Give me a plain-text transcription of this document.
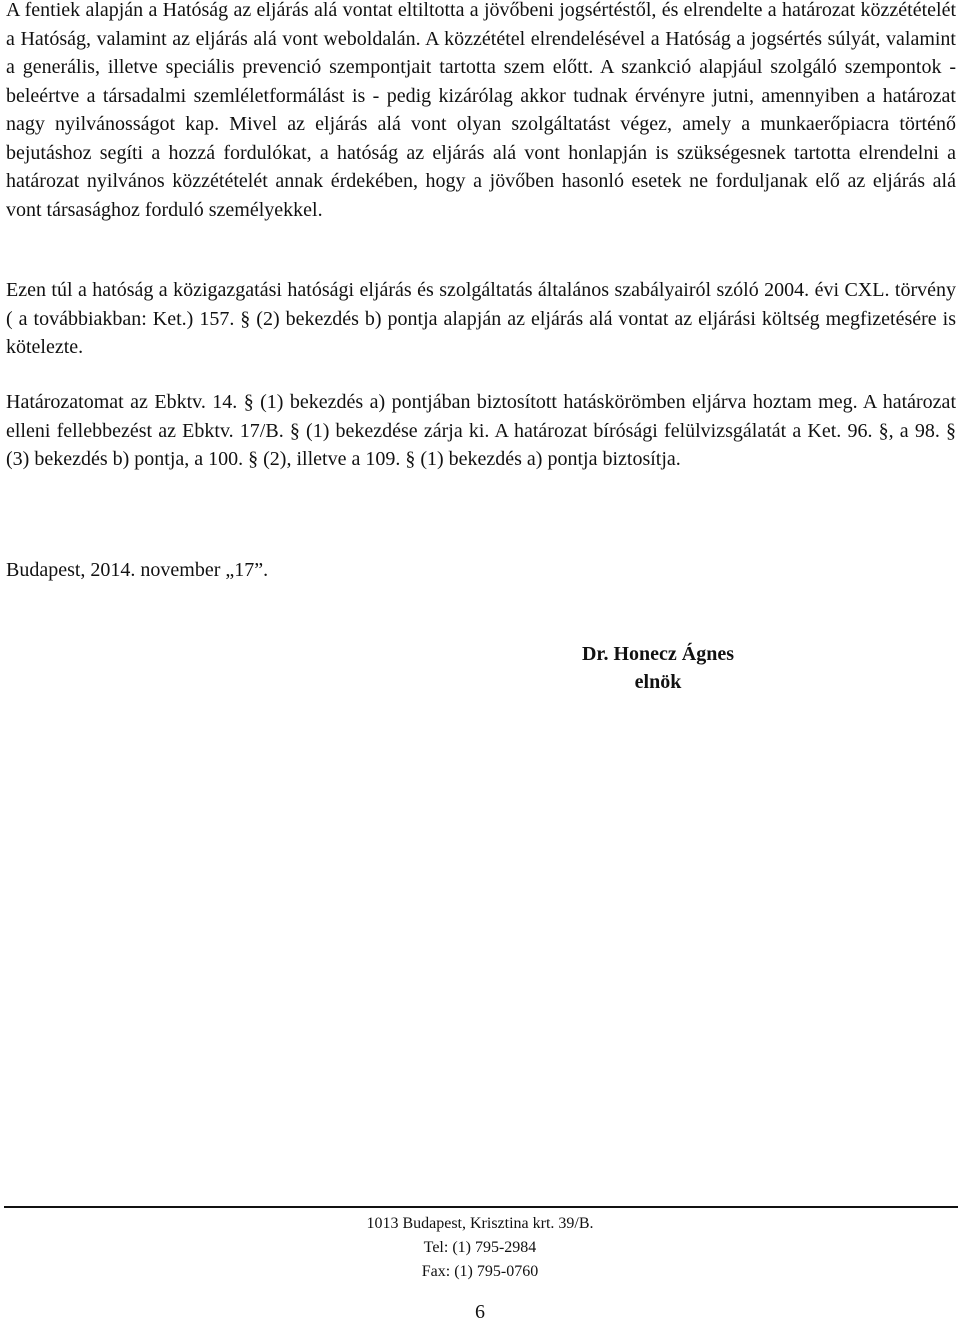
A fentiek alapján a Hatóság az eljárás alá vontat eltiltotta a jövőbeni jogsértéstől, és elrendelte a határozat közzétételét a Hatóság, valamint az eljárás alá vont weboldalán. A közzététel elrendelésével a Hatóság a jogsértés súlyát, valamint a generális, illetve speciális prevenció szempontjait tartotta szem előtt. A szankció alapjául szolgáló szempontok - beleértve a társadalmi szemléletformálást is - pedig kizárólag akkor tudnak érvényre jutni, amennyiben a határozat nagy nyilvánosságot kap. Mivel az eljárás alá vont olyan szolgáltatást végez, amely a munkaerőpiacra történő bejutáshoz segíti a hozzá fordulókat, a hatóság az eljárás alá vont honlapján is szükségesnek tartotta elrendelni a határozat nyilvános közzétételét annak érdekében, hogy a jövőben hasonló esetek ne forduljanak elő az eljárás alá vont társasághoz forduló személyekkel.

Ezen túl a hatóság a közigazgatási hatósági eljárás és szolgáltatás általános szabályairól szóló 2004. évi CXL. törvény ( a továbbiakban: Ket.) 157. § (2) bekezdés b) pontja alapján az eljárás alá vontat az eljárási költség megfizetésére is kötelezte.

Határozatomat az Ebktv. 14. § (1) bekezdés a) pontjában biztosított hatáskörömben eljárva hoztam meg. A határozat elleni fellebbezést az Ebktv. 17/B. § (1) bekezdése zárja ki. A határozat bírósági felülvizsgálatát a Ket. 96. §, a 98. § (3) bekezdés b) pontja, a 100. § (2), illetve a 109. § (1) bekezdés a) pontja biztosítja.

Budapest, 2014. november „17”.

Dr. Honecz Ágnes
elnök
1013 Budapest, Krisztina krt. 39/B.
Tel: (1) 795-2984
Fax: (1) 795-0760
6
